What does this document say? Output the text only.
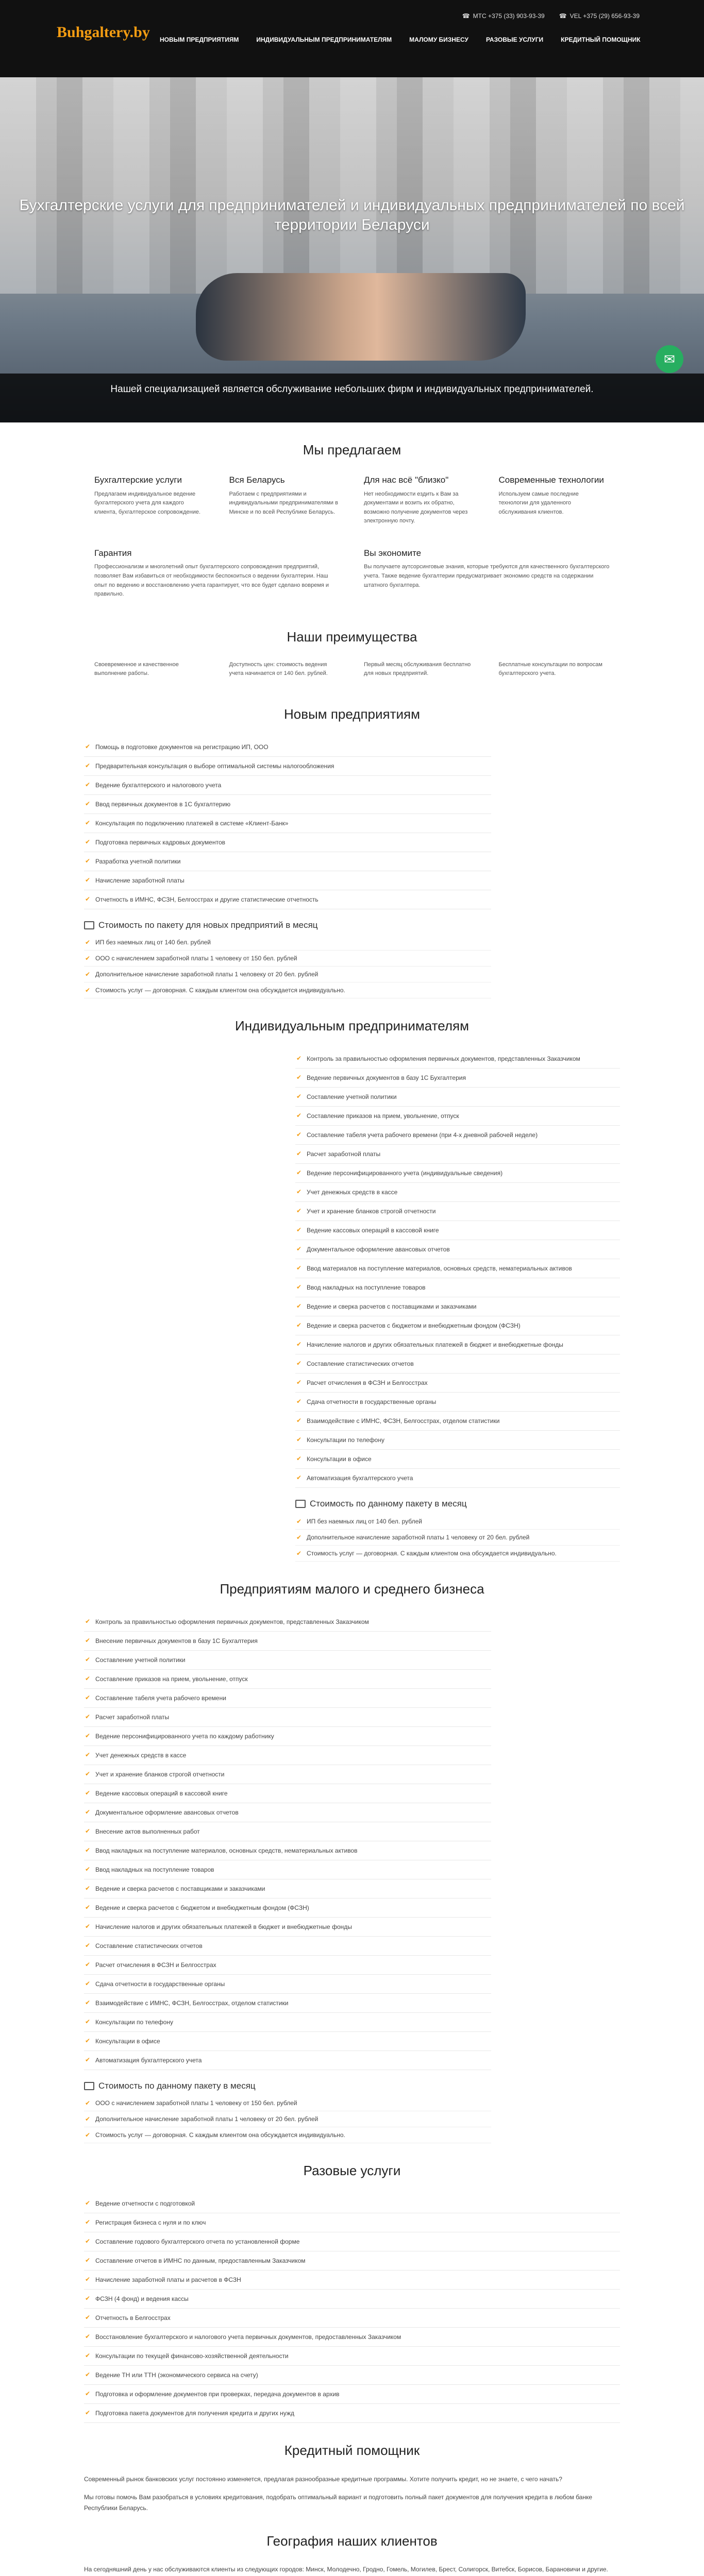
Buhgaltery.by
☎ МТС +375 (33) 903-93-39 ☎ VEL +375 (29) 656-93-39
НОВЫМ ПРЕДПРИЯТИЯМ	ИНДИВИДУАЛЬНЫМ ПРЕДПРИНИМАТЕЛЯМ	МАЛОМУ БИЗНЕСУ	РАЗОВЫЕ УСЛУГИ	КРЕДИТНЫЙ ПОМОЩНИК
Бухгалтерские услуги для предпринимателей и индивидуальных предпринимателей по всей территории Беларуси
✉
Нашей специализацией является обслуживание небольших фирм и индивидуальных предпринимателей.
Мы предлагаем
Бухгалтерские услуги

Предлагаем индивидуальное ведение бухгалтерского учета для каждого клиента, бухгалтерское сопровождение.

Вся Беларусь

Работаем с предприятиями и индивидуальными предпринимателями в Минске и по всей Республике Беларусь.

Для нас всё "близко"

Нет необходимости ездить к Вам за документами и возить их обратно, возможно получение документов через электронную почту.

Современные технологии

Используем самые последние технологии для удаленного обслуживания клиентов.

Гарантия

Профессионализм и многолетний опыт бухгалтерского сопровождения предприятий, позволяет Вам избавиться от необходимости беспокоиться о ведении бухгалтерии. Наш опыт по ведению и восстановлению учета гарантирует, что все будет сделано вовремя и правильно.

Вы экономите

Вы получаете аутсорсинговые знания, которые требуются для качественного бухгалтерского учета. Также ведение бухгалтерии предусматривает экономию средств на содержании штатного бухгалтера.

Наши преимущества

Своевременное и качественное выполнение работы.

Доступность цен: стоимость ведения учета начинается от 140 бел. рублей.

Первый месяц обслуживания бесплатно для новых предприятий.

Бесплатные консультации по вопросам бухгалтерского учета.

Новым предприятиям
✔ Помощь в подготовке документов на регистрацию ИП, ООО
✔ Предварительная консультация о выборе оптимальной системы налогообложения
✔ Ведение бухгалтерского и налогового учета
✔ Ввод первичных документов в 1С бухгалтерию
✔ Консультация по подключению платежей в системе «Клиент-Банк»
✔ Подготовка первичных кадровых документов
✔ Разработка учетной политики
✔ Начисление заработной платы
✔ Отчетность в ИМНС, ФСЗН, Белгосстрах и другие статистические отчетность
Стоимость по пакету для новых предприятий в месяц
✔ ИП без наемных лиц от 140 бел. рублей
✔ ООО с начислением заработной платы 1 человеку от 150 бел. рублей
✔ Дополнительное начисление заработной платы 1 человеку от 20 бел. рублей
✔ Стоимость услуг — договорная. С каждым клиентом она обсуждается индивидуально.
Индивидуальным предпринимателям
✔ Контроль за правильностью оформления первичных документов, представленных Заказчиком
✔ Ведение первичных документов в базу 1С Бухгалтерия
✔ Составление учетной политики
✔ Составление приказов на прием, увольнение, отпуск
✔ Составление табеля учета рабочего времени (при 4-х дневной рабочей неделе)
✔ Расчет заработной платы
✔ Ведение персонифицированного учета (индивидуальные сведения)
✔ Учет денежных средств в кассе
✔ Учет и хранение бланков строгой отчетности
✔ Ведение кассовых операций в кассовой книге
✔ Документальное оформление авансовых отчетов
✔ Ввод материалов на поступление материалов, основных средств, нематериальных активов
✔ Ввод накладных на поступление товаров
✔ Ведение и сверка расчетов с поставщиками и заказчиками
✔ Ведение и сверка расчетов с бюджетом и внебюджетным фондом (ФСЗН)
✔ Начисление налогов и других обязательных платежей в бюджет и внебюджетные фонды
✔ Составление статистических отчетов
✔ Расчет отчисления в ФСЗН и Белгосстрах
✔ Сдача отчетности в государственные органы
✔ Взаимодействие с ИМНС, ФСЗН, Белгосстрах, отделом статистики
✔ Консультации по телефону
✔ Консультации в офисе
✔ Автоматизация бухгалтерского учета
Стоимость по данному пакету в месяц
✔ ИП без наемных лиц от 140 бел. рублей
✔ Дополнительное начисление заработной платы 1 человеку от 20 бел. рублей
✔ Стоимость услуг — договорная. С каждым клиентом она обсуждается индивидуально.
Предприятиям малого и среднего бизнеса
✔ Контроль за правильностью оформления первичных документов, представленных Заказчиком
✔ Внесение первичных документов в базу 1С Бухгалтерия
✔ Составление учетной политики
✔ Составление приказов на прием, увольнение, отпуск
✔ Составление табеля учета рабочего времени
✔ Расчет заработной платы
✔ Ведение персонифицированного учета по каждому работнику
✔ Учет денежных средств в кассе
✔ Учет и хранение бланков строгой отчетности
✔ Ведение кассовых операций в кассовой книге
✔ Документальное оформление авансовых отчетов
✔ Внесение актов выполненных работ
✔ Ввод накладных на поступление материалов, основных средств, нематериальных активов
✔ Ввод накладных на поступление товаров
✔ Ведение и сверка расчетов с поставщиками и заказчиками
✔ Ведение и сверка расчетов с бюджетом и внебюджетным фондом (ФСЗН)
✔ Начисление налогов и других обязательных платежей в бюджет и внебюджетные фонды
✔ Составление статистических отчетов
✔ Расчет отчисления в ФСЗН и Белгосстрах
✔ Сдача отчетности в государственные органы
✔ Взаимодействие с ИМНС, ФСЗН, Белгосстрах, отделом статистики
✔ Консультации по телефону
✔ Консультации в офисе
✔ Автоматизация бухгалтерского учета
Стоимость по данному пакету в месяц
✔ ООО с начислением заработной платы 1 человеку от 150 бел. рублей
✔ Дополнительное начисление заработной платы 1 человеку от 20 бел. рублей
✔ Стоимость услуг — договорная. С каждым клиентом она обсуждается индивидуально.
Разовые услуги
✔ Ведение отчетности с подготовкой
✔ Регистрация бизнеса с нуля и по ключ
✔ Составление годового бухгалтерского отчета по установленной форме
✔ Составление отчетов в ИМНС по данным, предоставленным Заказчиком
✔ Начисление заработной платы и расчетов в ФСЗН
✔ ФСЗН (4 фонд) и ведения кассы
✔ Отчетность в Белгосстрах
✔ Восстановление бухгалтерского и налогового учета первичных документов, предоставленных Заказчиком
✔ Консультации по текущей финансово-хозяйственной деятельности
✔ Ведение ТН или ТТН (экономического сервиса на счету)
✔ Подготовка и оформление документов при проверках, передача документов в архив
✔ Подготовка пакета документов для получения кредита и других нужд
Кредитный помощник

Современный рынок банковских услуг постоянно изменяется, предлагая разнообразные кредитные программы. Хотите получить кредит, но не знаете, с чего начать?

Мы готовы помочь Вам разобраться в условиях кредитования, подобрать оптимальный вариант и подготовить полный пакет документов для получения кредита в любом банке Республики Беларусь.

География наших клиентов
На сегодняшний день у нас обслуживаются клиенты из следующих городов: Минск, Молодечно, Гродно, Гомель, Могилев, Брест, Солигорск, Витебск, Борисов, Барановичи и другие.
